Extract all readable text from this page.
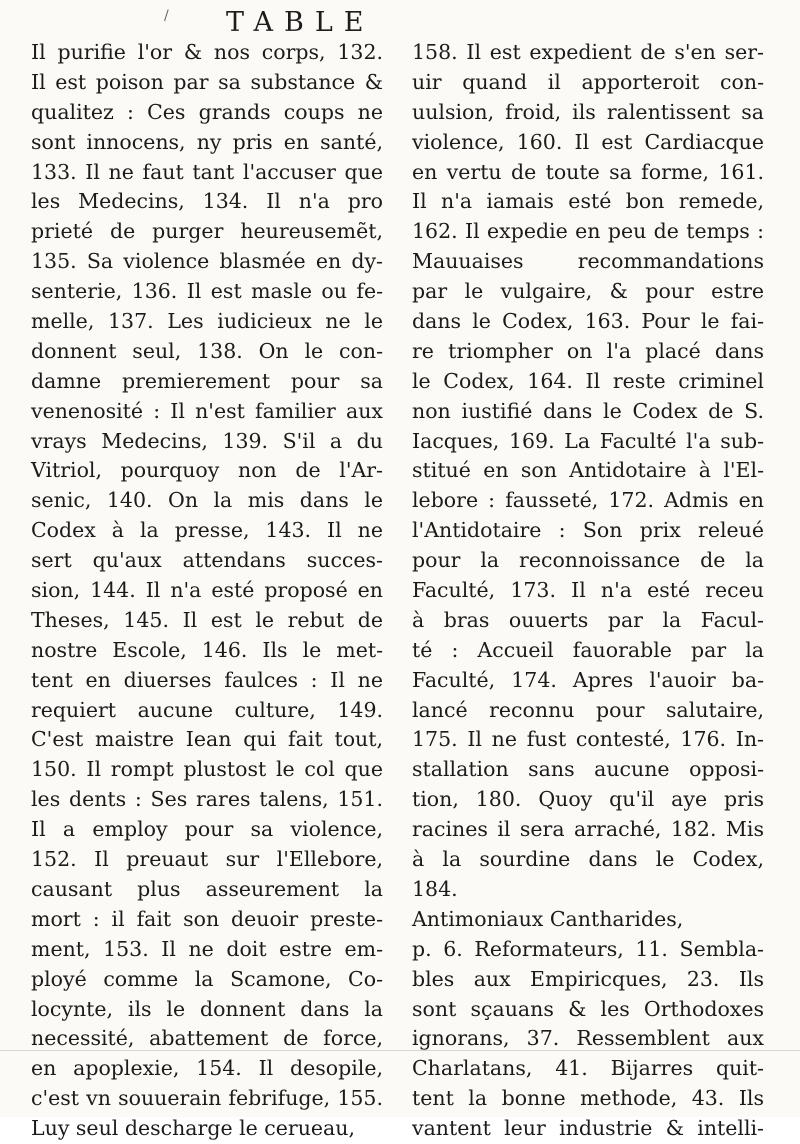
/ TABLE
Il purifie l'or & nos corps, 132.
Il est poison par sa substance &
qualitez : Ces grands coups ne
sont innocens, ny pris en santé,
133. Il ne faut tant l'accuser que
les Medecins, 134. Il n'a pro
prieté de purger heureusemẽt,
135. Sa violence blasmée en dy-
senterie, 136. Il est masle ou fe-
melle, 137. Les iudicieux ne le
donnent seul, 138. On le con-
damne premierement pour sa
venenosité : Il n'est familier aux
vrays Medecins, 139. S'il a du
Vitriol, pourquoy non de l'Ar-
senic, 140. On la mis dans le
Codex à la presse, 143. Il ne
sert qu'aux attendans succes-
sion, 144. Il n'a esté proposé en
Theses, 145. Il est le rebut de
nostre Escole, 146. Ils le met-
tent en diuerses faulces : Il ne
requiert aucune culture, 149.
C'est maistre Iean qui fait tout,
150. Il rompt plustost le col que
les dents : Ses rares talens, 151.
Il a employ pour sa violence,
152. Il preuaut sur l'Ellebore,
causant plus asseurement la
mort : il fait son deuoir preste-
ment, 153. Il ne doit estre em-
ployé comme la Scamone, Co-
locynte, ils le donnent dans la
necessité, abattement de force,
en apoplexie, 154. Il desopile,
c'est vn souuerain febrifuge, 155.
Luy seul descharge le cerueau,
158. Il est expedient de s'en ser-
uir quand il apporteroit con-
uulsion, froid, ils ralentissent sa
violence, 160. Il est Cardiacque
en vertu de toute sa forme, 161.
Il n'a iamais esté bon remede,
162. Il expedie en peu de temps :
Mauuaises recommandations
par le vulgaire, & pour estre
dans le Codex, 163. Pour le fai-
re triompher on l'a placé dans
le Codex, 164. Il reste criminel
non iustifié dans le Codex de S.
Iacques, 169. La Faculté l'a sub-
stitué en son Antidotaire à l'El-
lebore : fausseté, 172. Admis en
l'Antidotaire : Son prix releué
pour la reconnoissance de la
Faculté, 173. Il n'a esté receu
à bras ouuerts par la Facul-
té : Accueil fauorable par la
Faculté, 174. Apres l'auoir ba-
lancé reconnu pour salutaire,
175. Il ne fust contesté, 176. In-
stallation sans aucune opposi-
tion, 180. Quoy qu'il aye pris
racines il sera arraché, 182. Mis
à la sourdine dans le Codex,
184.
Antimoniaux Cantharides,
p. 6. Reformateurs, 11. Sembla-
bles aux Empiricques, 23. Ils
sont sçauans & les Orthodoxes
ignorans, 37. Ressemblent aux
Charlatans, 41. Bijarres quit-
tent la bonne methode, 43. Ils
vantent leur industrie & intelli-
